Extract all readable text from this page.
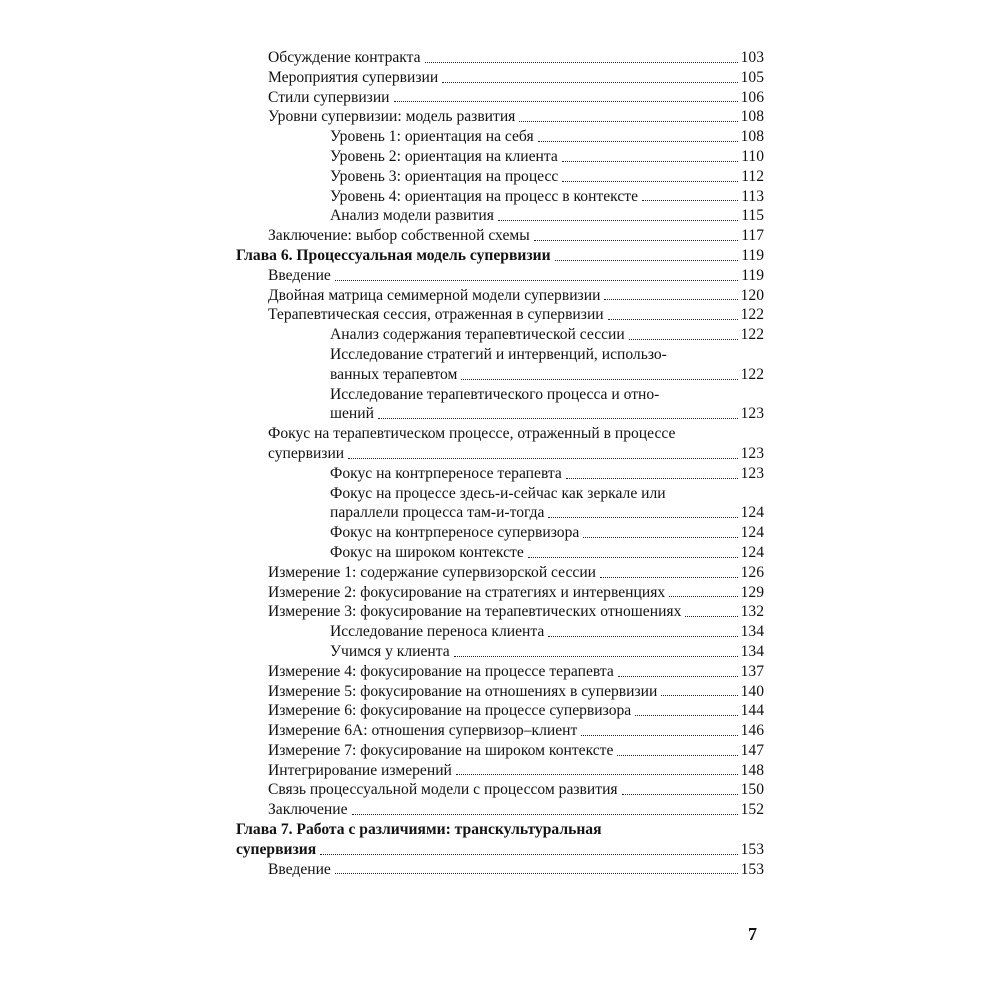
Обсуждение контракта	103
Мероприятия супервизии	105
Стили супервизии	106
Уровни супервизии: модель развития	108
Уровень 1: ориентация на себя	108
Уровень 2: ориентация на клиента	110
Уровень 3: ориентация на процесс	112
Уровень 4: ориентация на процесс в контексте	113
Анализ модели развития	115
Заключение: выбор собственной схемы	117
Глава 6. Процессуальная модель супервизии	119
Введение	119
Двойная матрица семимерной модели супервизии	120
Терапевтическая сессия, отраженная в супервизии	122
Анализ содержания терапевтической сессии	122
Исследование стратегий и интервенций, использо-
ванных терапевтом	122
Исследование терапевтического процесса и отно-
шений	123
Фокус на терапевтическом процессе, отраженный в процессе
супервизии	123
Фокус на контрпереносе терапевта	123
Фокус на процессе здесь-и-сейчас как зеркале или
параллели процесса там-и-тогда	124
Фокус на контрпереносе супервизора	124
Фокус на широком контексте	124
Измерение 1: содержание супервизорской сессии	126
Измерение 2: фокусирование на стратегиях и интервенциях	129
Измерение 3: фокусирование на терапевтических отношениях	132
Исследование переноса клиента	134
Учимся у клиента	134
Измерение 4: фокусирование на процессе терапевта	137
Измерение 5: фокусирование на отношениях в супервизии	140
Измерение 6: фокусирование на процессе супервизора	144
Измерение 6А: отношения супервизор–клиент	146
Измерение 7: фокусирование на широком контексте	147
Интегрирование измерений	148
Связь процессуальной модели с процессом развития	150
Заключение	152
Глава 7. Работа с различиями: транскультуральная
супервизия	153
Введение	153
7
